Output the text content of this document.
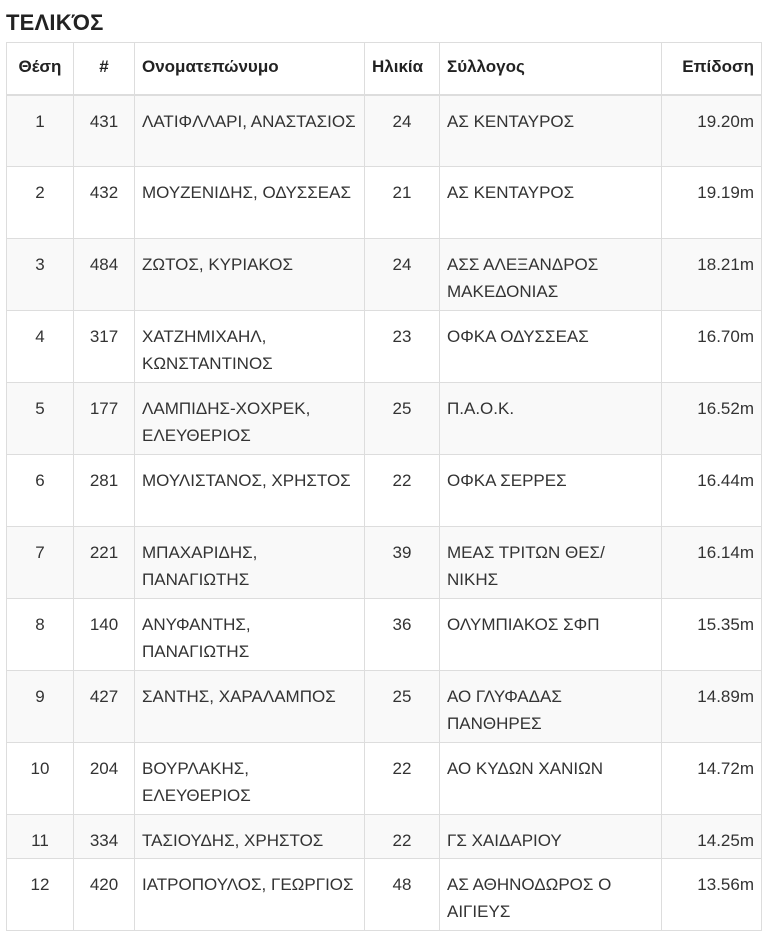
ΤΕΛΙΚΌΣ
Θέση	#	Ονοματεπώνυμο	Ηλικία	Σύλλογος	Επίδοση
1	431	ΛΑΤΙΦΛΛΑΡΙ, ΑΝΑΣΤΑΣΙΟΣ	24	ΑΣ ΚΕΝΤΑΥΡΟΣ	19.20m
2	432	ΜΟΥΖΕΝΙΔΗΣ, ΟΔΥΣΣΕΑΣ	21	ΑΣ ΚΕΝΤΑΥΡΟΣ	19.19m
3	484	ΖΩΤΟΣ, ΚΥΡΙΑΚΟΣ	24	ΑΣΣ ΑΛΕΞΑΝΔΡΟΣ ΜΑΚΕΔΟΝΙΑΣ	18.21m
4	317	ΧΑΤΖΗΜΙΧΑΗΛ, ΚΩΝΣΤΑΝΤΙΝΟΣ	23	ΟΦΚΑ ΟΔΥΣΣΕΑΣ	16.70m
5	177	ΛΑΜΠΙΔΗΣ-ΧΟΧΡΕΚ, ΕΛΕΥΘΕΡΙΟΣ	25	Π.Α.Ο.Κ.	16.52m
6	281	ΜΟΥΛΙΣΤΑΝΟΣ, ΧΡΗΣΤΟΣ	22	ΟΦΚΑ ΣΕΡΡΕΣ	16.44m
7	221	ΜΠΑΧΑΡΙΔΗΣ, ΠΑΝΑΓΙΩΤΗΣ	39	ΜΕΑΣ ΤΡΙΤΩΝ ΘΕΣ/ΝΙΚΗΣ	16.14m
8	140	ΑΝΥΦΑΝΤΗΣ, ΠΑΝΑΓΙΩΤΗΣ	36	ΟΛΥΜΠΙΑΚΟΣ ΣΦΠ	15.35m
9	427	ΣΑΝΤΗΣ, ΧΑΡΑΛΑΜΠΟΣ	25	ΑΟ ΓΛΥΦΑΔΑΣ ΠΑΝΘΗΡΕΣ	14.89m
10	204	ΒΟΥΡΛΑΚΗΣ, ΕΛΕΥΘΕΡΙΟΣ	22	ΑΟ ΚΥΔΩΝ ΧΑΝΙΩΝ	14.72m
11	334	ΤΑΣΙΟΥΔΗΣ, ΧΡΗΣΤΟΣ	22	ΓΣ ΧΑΙΔΑΡΙΟΥ	14.25m
12	420	ΙΑΤΡΟΠΟΥΛΟΣ, ΓΕΩΡΓΙΟΣ	48	ΑΣ ΑΘΗΝΟΔΩΡΟΣ Ο ΑΙΓΙΕΥΣ	13.56m
